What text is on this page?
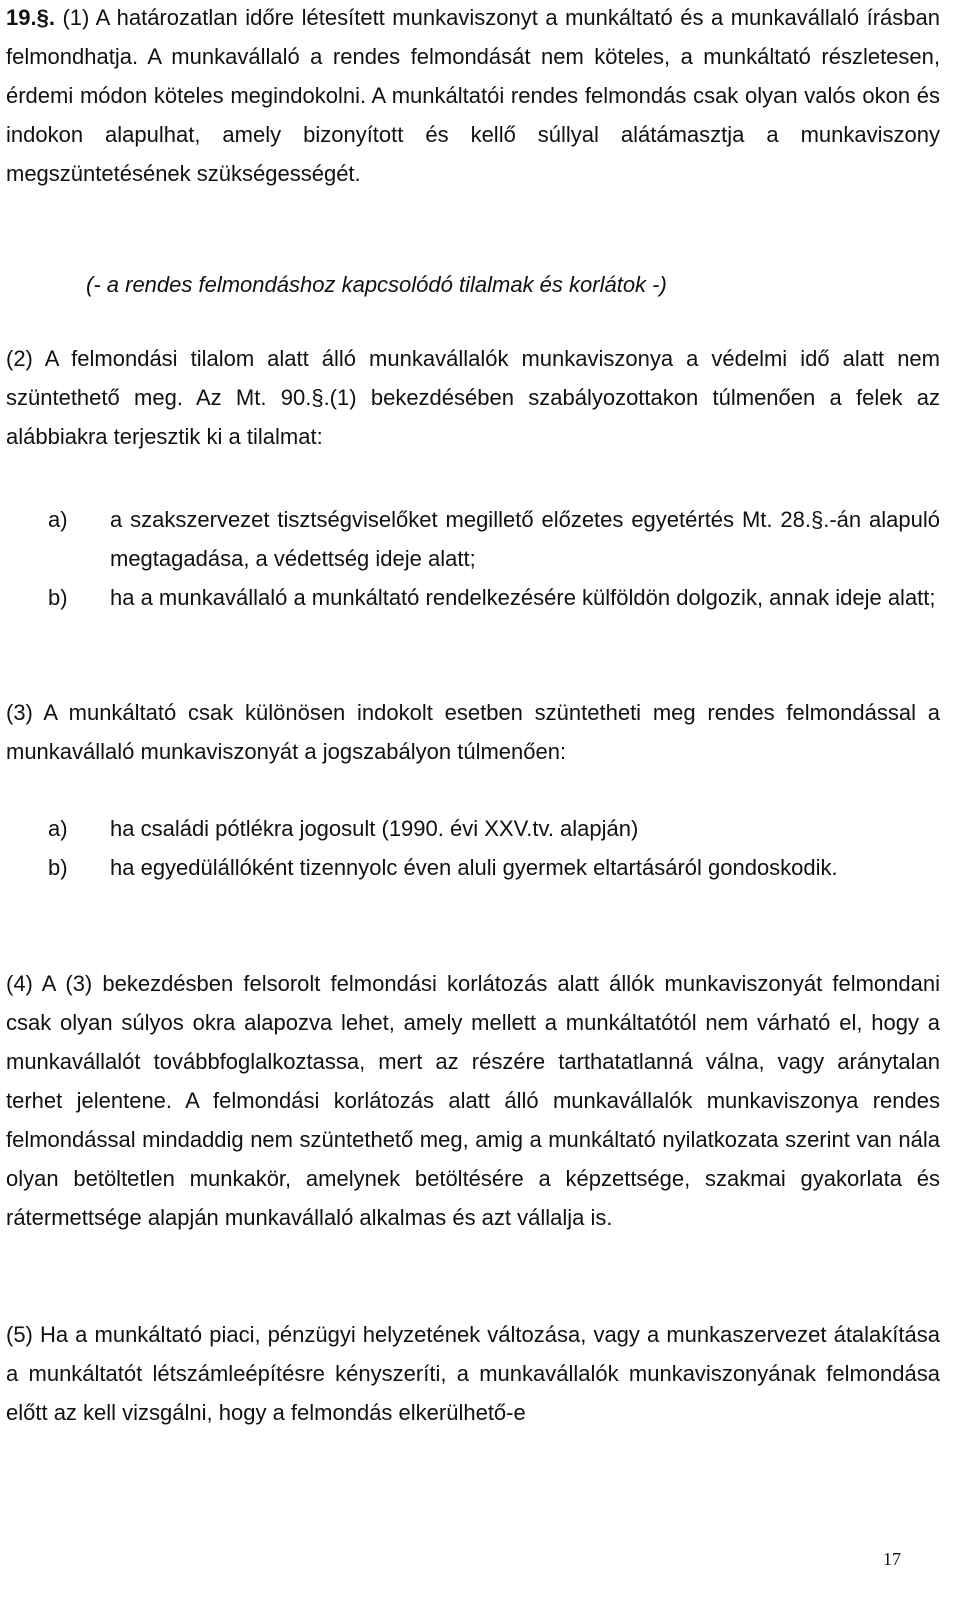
19.§. (1) A határozatlan időre létesített munkaviszonyt a munkáltató és a munkavállaló írásban felmondhatja. A munkavállaló a rendes felmondását nem köteles, a munkáltató részletesen, érdemi módon köteles megindokolni. A munkáltatói rendes felmondás csak olyan valós okon és indokon alapulhat, amely bizonyított és kellő súllyal alátámasztja a munkaviszony megszüntetésének szükségességét.

(- a rendes felmondáshoz kapcsolódó tilalmak és korlátok -)

(2) A felmondási tilalom alatt álló munkavállalók munkaviszonya a védelmi idő alatt nem szüntethető meg. Az Mt. 90.§.(1) bekezdésében szabályozottakon túlmenően a felek az alábbiakra terjesztik ki a tilalmat:

a) a szakszervezet tisztségviselőket megillető előzetes egyetértés Mt. 28.§.-án alapuló megtagadása, a védettség ideje alatt;
b) ha a munkavállaló a munkáltató rendelkezésére külföldön dolgozik, annak ideje alatt;

(3) A munkáltató csak különösen indokolt esetben szüntetheti meg rendes felmondással a munkavállaló munkaviszonyát a jogszabályon túlmenően:

a) ha családi pótlékra jogosult (1990. évi XXV.tv. alapján)
b) ha egyedülállóként tizennyolc éven aluli gyermek eltartásáról gondoskodik.

(4) A (3) bekezdésben felsorolt felmondási korlátozás alatt állók munkaviszonyát felmondani csak olyan súlyos okra alapozva lehet, amely mellett a munkáltatótól nem várható el, hogy a munkavállalót továbbfoglalkoztassa, mert az részére tarthatatlanná válna, vagy aránytalan terhet jelentene. A felmondási korlátozás alatt álló munkavállalók munkaviszonya rendes felmondással mindaddig nem szüntethető meg, amig a munkáltató nyilatkozata szerint van nála olyan betöltetlen munkakör, amelynek betöltésére a képzettsége, szakmai gyakorlata és rátermettsége alapján munkavállaló alkalmas és azt vállalja is.

(5) Ha a munkáltató piaci, pénzügyi helyzetének változása, vagy a munkaszervezet átalakítása a munkáltatót létszámleépítésre kényszeríti, a munkavállalók munkaviszonyának felmondása előtt az kell vizsgálni, hogy a felmondás elkerülhető-e

17
